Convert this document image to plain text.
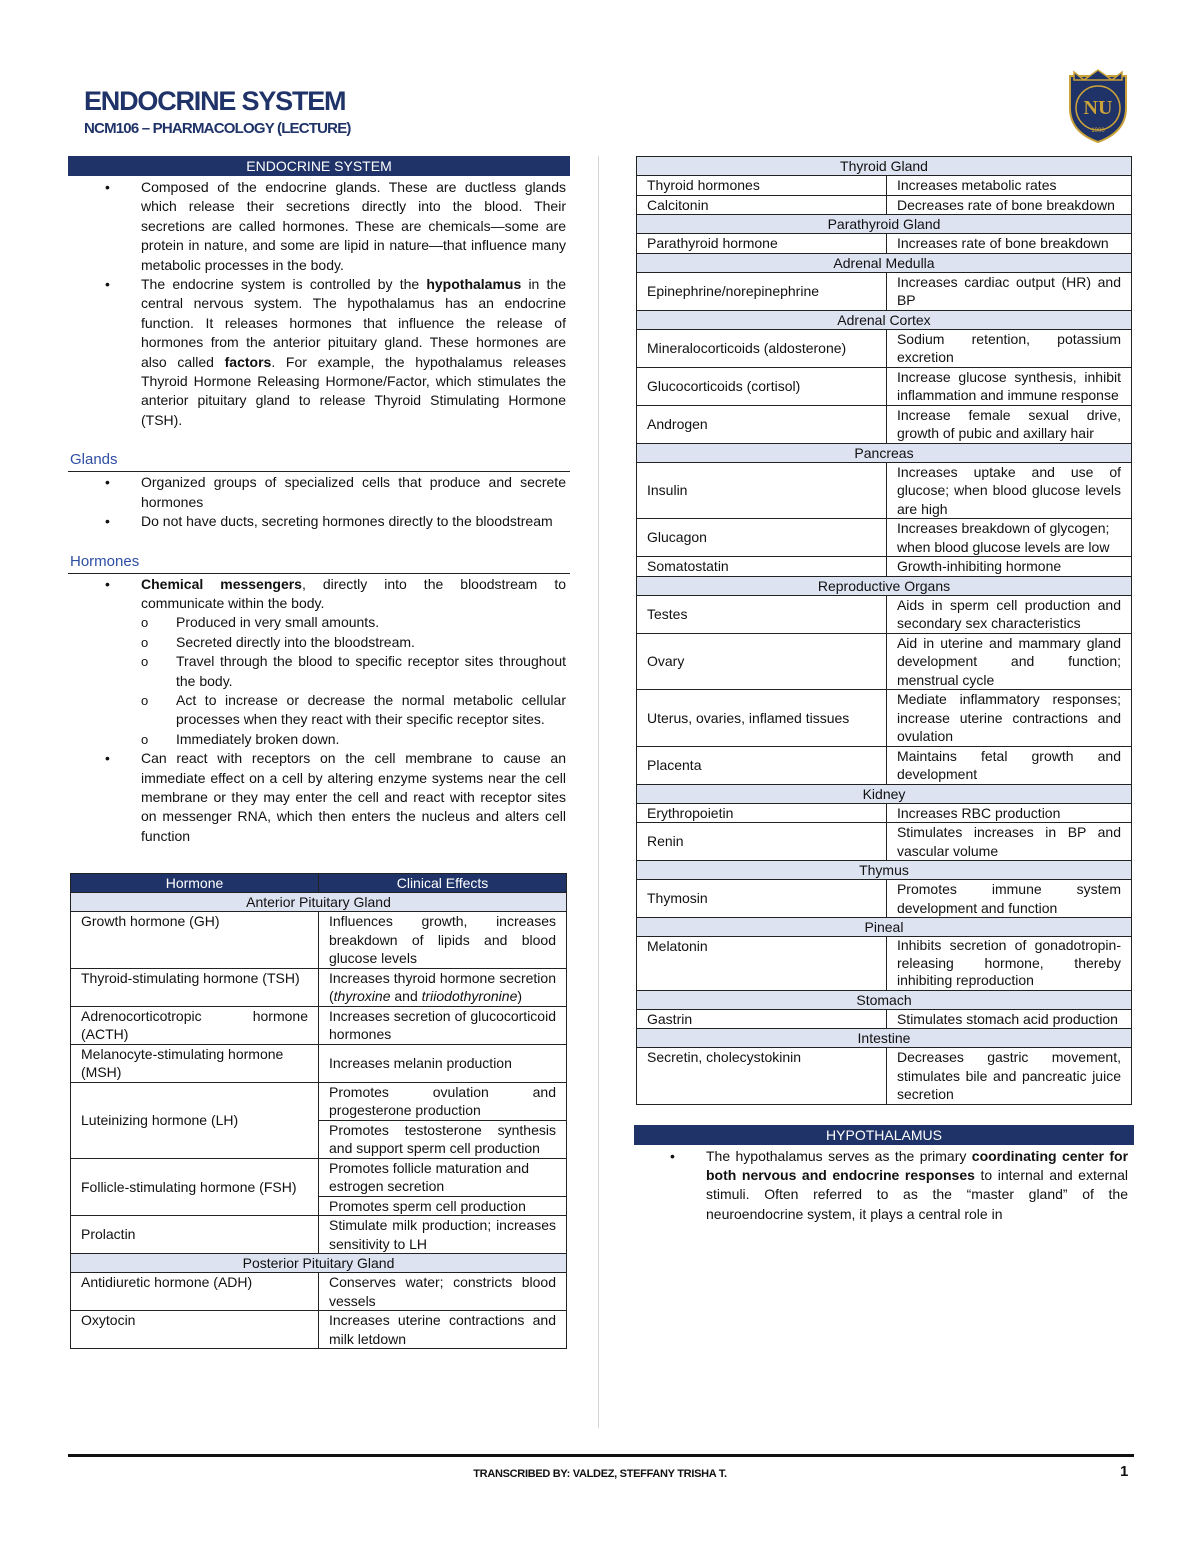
ENDOCRINE SYSTEM
NCM106 – PHARMACOLOGY (LECTURE)
NU
1900
ENDOCRINE SYSTEM
• Composed of the endocrine glands. These are ductless glands which release their secretions directly into the blood. Their secretions are called hormones. These are chemicals—some are protein in nature, and some are lipid in nature—that influence many metabolic processes in the body.
• The endocrine system is controlled by the hypothalamus in the central nervous system. The hypothalamus has an endocrine function. It releases hormones that influence the release of hormones from the anterior pituitary gland. These hormones are also called factors. For example, the hypothalamus releases Thyroid Hormone Releasing Hormone/Factor, which stimulates the anterior pituitary gland to release Thyroid Stimulating Hormone (TSH).
Glands
• Organized groups of specialized cells that produce and secrete hormones
• Do not have ducts, secreting hormones directly to the bloodstream
Hormones
• Chemical messengers, directly into the bloodstream to communicate within the body.
o Produced in very small amounts.
o Secreted directly into the bloodstream.
o Travel through the blood to specific receptor sites throughout the body.
o Act to increase or decrease the normal metabolic cellular processes when they react with their specific receptor sites.
o Immediately broken down.
• Can react with receptors on the cell membrane to cause an immediate effect on a cell by altering enzyme systems near the cell membrane or they may enter the cell and react with receptor sites on messenger RNA, which then enters the nucleus and alters cell function
Hormone	Clinical Effects
Anterior Pituitary Gland	
Growth hormone (GH)	Influences growth, increases breakdown of lipids and blood glucose levels
Thyroid-stimulating hormone (TSH)	Increases thyroid hormone secretion (thyroxine and triiodothyronine)
Adrenocorticotropic hormone (ACTH)	Increases secretion of glucocorticoid hormones
Melanocyte-stimulating hormone (MSH)	Increases melanin production
Luteinizing hormone (LH)	Promotes ovulation and progesterone production
	Promotes testosterone synthesis and support sperm cell production
Follicle-stimulating hormone (FSH)	Promotes follicle maturation and estrogen secretion
	Promotes sperm cell production
Prolactin	Stimulate milk production; increases sensitivity to LH
Posterior Pituitary Gland	
Antidiuretic hormone (ADH)	Conserves water; constricts blood vessels
Oxytocin	Increases uterine contractions and milk letdown
Thyroid Gland	
Thyroid hormones	Increases metabolic rates
Calcitonin	Decreases rate of bone breakdown
Parathyroid Gland	
Parathyroid hormone	Increases rate of bone breakdown
Adrenal Medulla	
Epinephrine/norepinephrine	Increases cardiac output (HR) and BP
Adrenal Cortex	
Mineralocorticoids (aldosterone)	Sodium retention, potassium excretion
Glucocorticoids (cortisol)	Increase glucose synthesis, inhibit inflammation and immune response
Androgen	Increase female sexual drive, growth of pubic and axillary hair
Pancreas	
Insulin	Increases uptake and use of glucose; when blood glucose levels are high
Glucagon	Increases breakdown of glycogen; when blood glucose levels are low
Somatostatin	Growth-inhibiting hormone
Reproductive Organs	
Testes	Aids in sperm cell production and secondary sex characteristics
Ovary	Aid in uterine and mammary gland development and function; menstrual cycle
Uterus, ovaries, inflamed tissues	Mediate inflammatory responses; increase uterine contractions and ovulation
Placenta	Maintains fetal growth and development
Kidney	
Erythropoietin	Increases RBC production
Renin	Stimulates increases in BP and vascular volume
Thymus	
Thymosin	Promotes immune system development and function
Pineal	
Melatonin	Inhibits secretion of gonadotropin-releasing hormone, thereby inhibiting reproduction
Stomach	
Gastrin	Stimulates stomach acid production
Intestine	
Secretin, cholecystokinin	Decreases gastric movement, stimulates bile and pancreatic juice secretion
HYPOTHALAMUS
• The hypothalamus serves as the primary coordinating center for both nervous and endocrine responses to internal and external stimuli. Often referred to as the “master gland” of the neuroendocrine system, it plays a central role in
TRANSCRIBED BY: VALDEZ, STEFFANY TRISHA T.	1
